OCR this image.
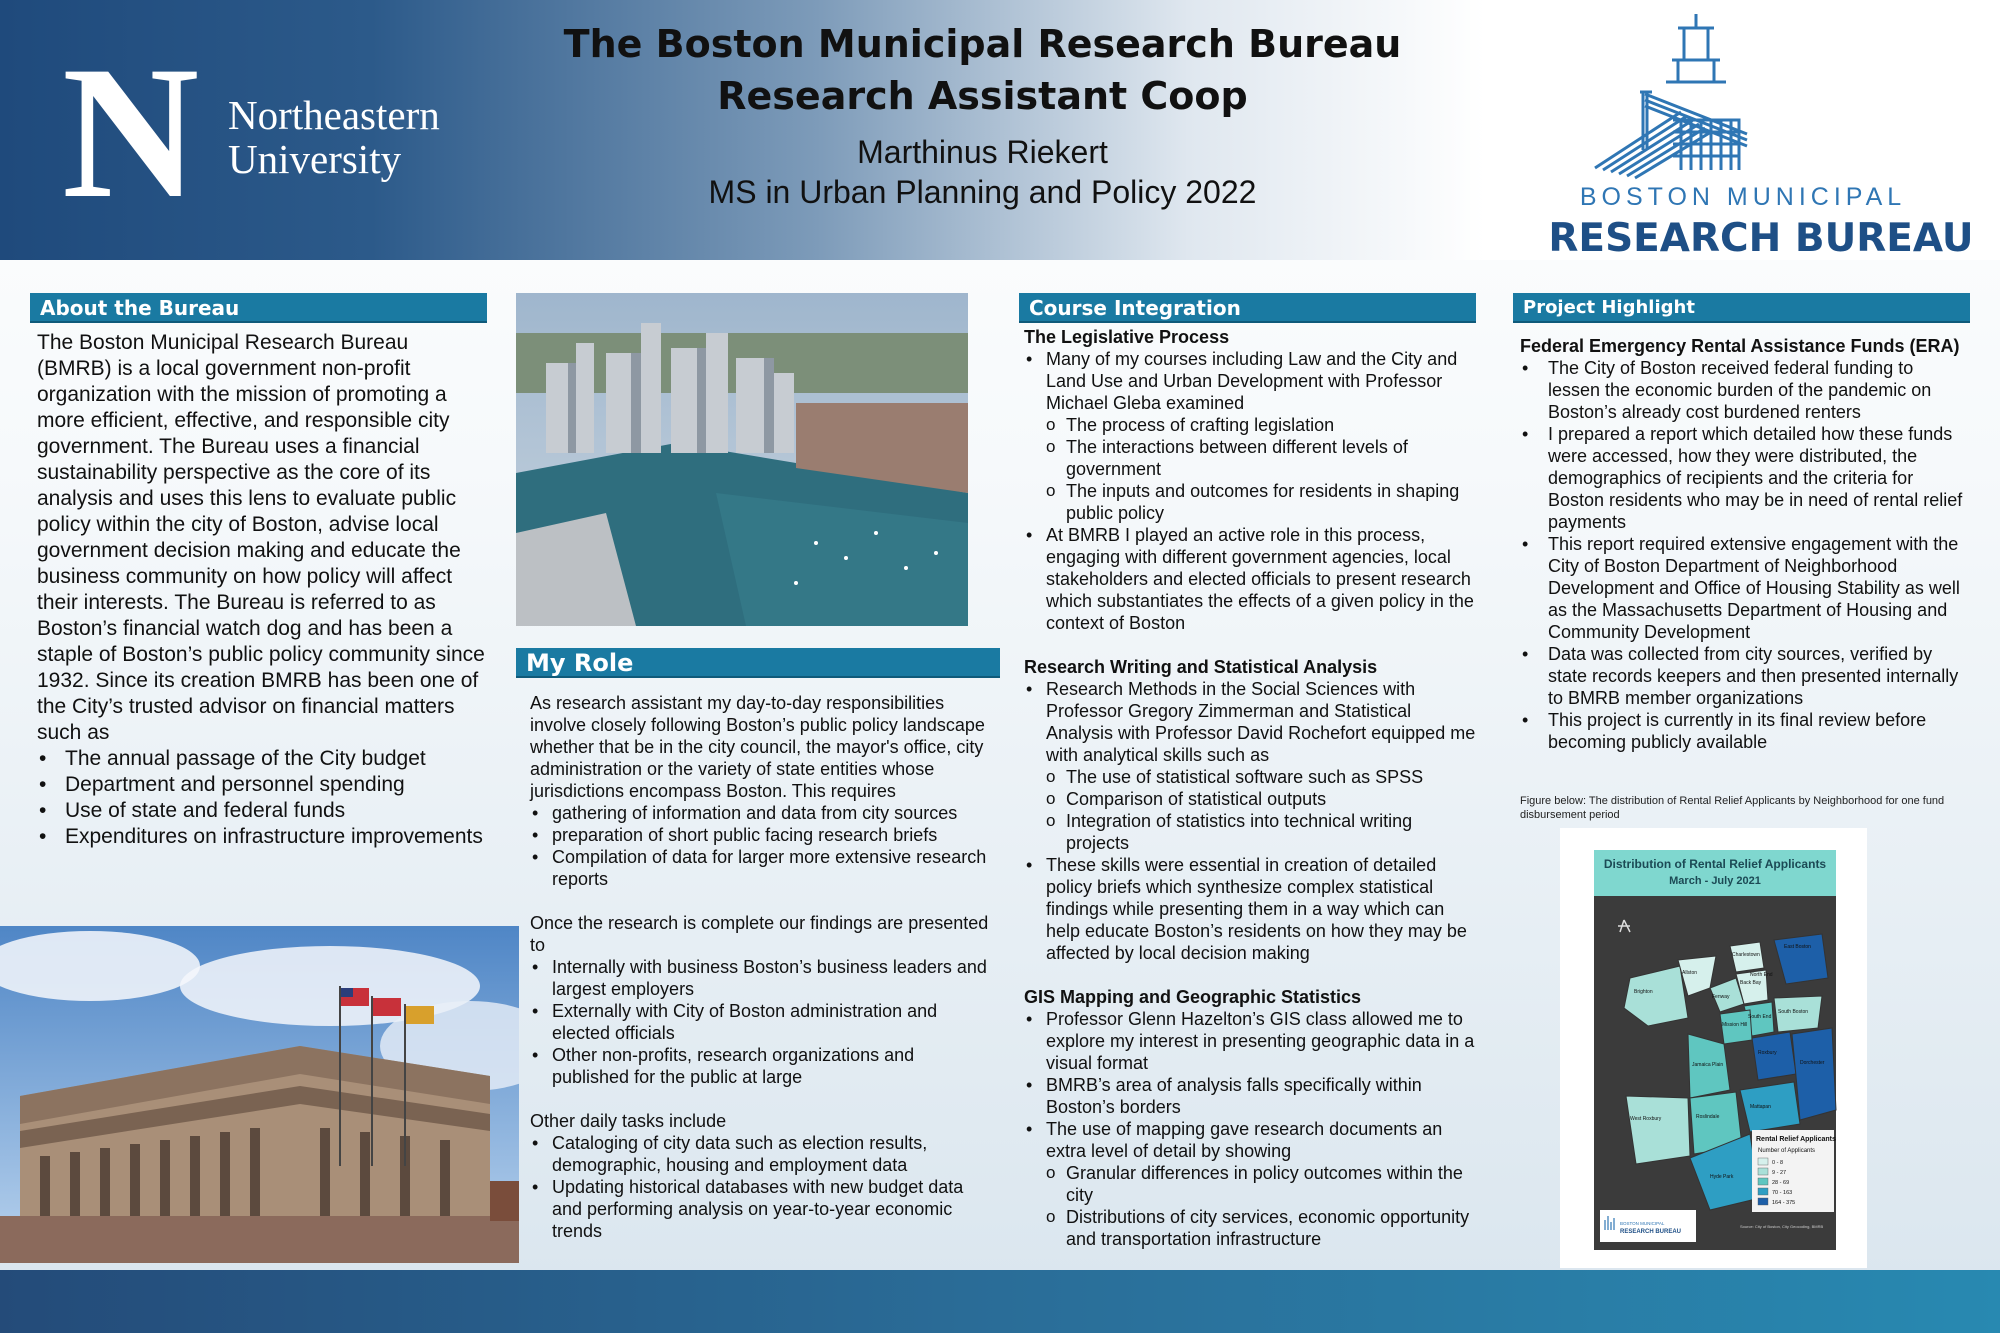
N Northeastern
University
The Boston Municipal Research Bureau
Research Assistant Coop
Marthinus Riekert
MS in Urban Planning and Policy 2022	BOSTON MUNICIPAL
RESEARCH BUREAU
About the Bureau

The Boston Municipal Research Bureau (BMRB) is a local government non-profit organization with the mission of promoting a more efficient, effective, and responsible city government. The Bureau uses a financial sustainability perspective as the core of its analysis and uses this lens to evaluate public policy within the city of Boston, advise local government decision making and educate the business community on how policy will affect their interests. The Bureau is referred to as Boston’s financial watch dog and has been a staple of Boston’s public policy community since 1932. Since its creation BMRB has been one of the City’s trusted advisor on financial matters such as

• The annual passage of the City budget
• Department and personnel spending
• Use of state and federal funds
• Expenditures on infrastructure improvements
My Role

As research assistant my day-to-day responsibilities involve closely following Boston’s public policy landscape whether that be in the city council, the mayor's office, city administration or the variety of state entities whose jurisdictions encompass Boston. This requires

• gathering of information and data from city sources
• preparation of short public facing research briefs
• Compilation of data for larger more extensive research reports

Once the research is complete our findings are presented to

• Internally with business Boston’s business leaders and largest employers
• Externally with City of Boston administration and elected officials
• Other non-profits, research organizations and published for the public at large

Other daily tasks include

• Cataloging of city data such as election results, demographic, housing and employment data
• Updating historical databases with new budget data and performing analysis on year-to-year economic trends
Course Integration
The Legislative Process
• Many of my courses including Law and the City and Land Use and Urban Development with Professor Michael Gleba examined
o The process of crafting legislation
o The interactions between different levels of government
o The inputs and outcomes for residents in shaping public policy
• At BMRB I played an active role in this process, engaging with different government agencies, local stakeholders and elected officials to present research which substantiates the effects of a given policy in the context of Boston
Research Writing and Statistical Analysis
• Research Methods in the Social Sciences with Professor Gregory Zimmerman and Statistical Analysis with Professor David Rochefort equipped me with analytical skills such as
o The use of statistical software such as SPSS
o Comparison of statistical outputs
o Integration of statistics into technical writing projects
• These skills were essential in creation of detailed policy briefs which synthesize complex statistical findings while presenting them in a way which can help educate Boston’s residents on how they may be affected by local decision making
GIS Mapping and Geographic Statistics
• Professor Glenn Hazelton’s GIS class allowed me to explore my interest in presenting geographic data in a visual format
• BMRB’s area of analysis falls specifically within Boston’s borders
• The use of mapping gave research documents an extra level of detail by showing
o Granular differences in policy outcomes within the city
o Distributions of city services, economic opportunity and transportation infrastructure
Project Highlight
Federal Emergency Rental Assistance Funds (ERA)
• The City of Boston received federal funding to lessen the economic burden of the pandemic on Boston’s already cost burdened renters
• I prepared a report which detailed how these funds were accessed, how they were distributed, the demographics of recipients and the criteria for Boston residents who may be in need of rental relief payments
• This report required extensive engagement with the City of Boston Department of Neighborhood Development and Office of Housing Stability as well as the Massachusetts Department of Housing and Community Development
• Data was collected from city sources, verified by state records keepers and then presented internally to BMRB member organizations
• This project is currently in its final review before becoming publicly available
Figure below: The distribution of Rental Relief Applicants by Neighborhood for one fund disbursement period
Distribution of Rental Relief Applicants
March - July 2021
Charlestown
East Boston
Allston
Brighton
Fenway
Back Bay
North End
South End
South Boston
Mission Hill
Roxbury
Jamaica Plain	Dorchester
West Roxbury	Roslindale
Mattapan
Hyde Park
Rental Relief Applicants
Number of Applicants
0 - 8
9 - 27
28 - 69
70 - 163
164 - 375
BOSTON MUNICIPAL
RESEARCH BUREAU
Source: City of Boston, City Geocoding, BMRB
